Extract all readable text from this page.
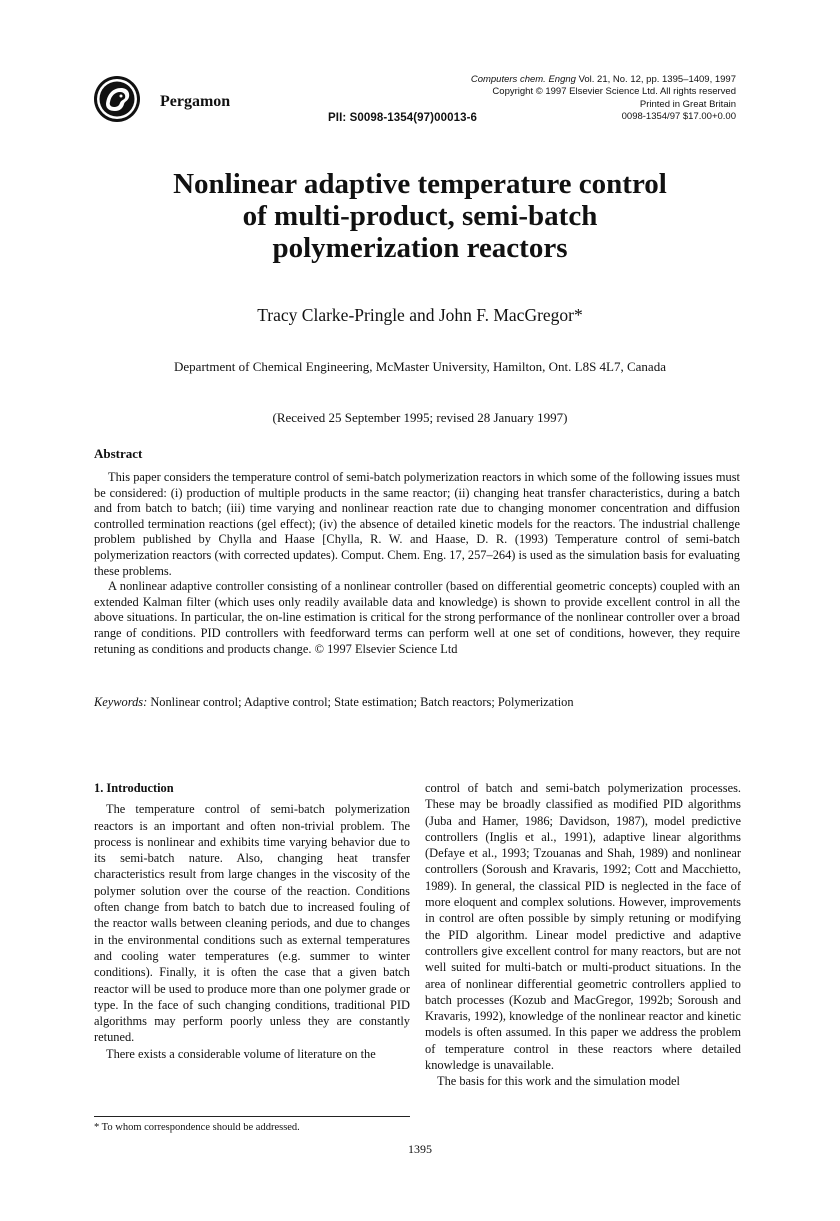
Pergamon
PII: S0098-1354(97)00013-6
Computers chem. Engng Vol. 21, No. 12, pp. 1395–1409, 1997
Copyright © 1997 Elsevier Science Ltd. All rights reserved
Printed in Great Britain
0098-1354/97 $17.00+0.00
Nonlinear adaptive temperature control
of multi-product, semi-batch
polymerization reactors
Tracy Clarke-Pringle and John F. MacGregor*
Department of Chemical Engineering, McMaster University, Hamilton, Ont. L8S 4L7, Canada
(Received 25 September 1995; revised 28 January 1997)
Abstract

This paper considers the temperature control of semi-batch polymerization reactors in which some of the following issues must be considered: (i) production of multiple products in the same reactor; (ii) changing heat transfer characteristics, during a batch and from batch to batch; (iii) time varying and nonlinear reaction rate due to changing monomer concentration and diffusion controlled termination reactions (gel effect); (iv) the absence of detailed kinetic models for the reactors. The industrial challenge problem published by Chylla and Haase [Chylla, R. W. and Haase, D. R. (1993) Temperature control of semi-batch polymerization reactors (with corrected updates). Comput. Chem. Eng. 17, 257–264) is used as the simulation basis for evaluating these problems.

A nonlinear adaptive controller consisting of a nonlinear controller (based on differential geometric concepts) coupled with an extended Kalman filter (which uses only readily available data and knowledge) is shown to provide excellent control in all the above situations. In particular, the on-line estimation is critical for the strong performance of the nonlinear controller over a broad range of conditions. PID controllers with feedforward terms can perform well at one set of conditions, however, they require retuning as conditions and products change. © 1997 Elsevier Science Ltd

Keywords: Nonlinear control; Adaptive control; State estimation; Batch reactors; Polymerization
1. Introduction

The temperature control of semi-batch polymerization reactors is an important and often non-trivial problem. The process is nonlinear and exhibits time varying behavior due to its semi-batch nature. Also, changing heat transfer characteristics result from large changes in the viscosity of the polymer solution over the course of the reaction. Conditions often change from batch to batch due to increased fouling of the reactor walls between cleaning periods, and due to changes in the environmental conditions such as external temperatures and cooling water temperatures (e.g. summer to winter conditions). Finally, it is often the case that a given batch reactor will be used to produce more than one polymer grade or type. In the face of such changing conditions, traditional PID algorithms may perform poorly unless they are constantly retuned.

There exists a considerable volume of literature on the

control of batch and semi-batch polymerization processes. These may be broadly classified as modified PID algorithms (Juba and Hamer, 1986; Davidson, 1987), model predictive controllers (Inglis et al., 1991), adaptive linear algorithms (Defaye et al., 1993; Tzouanas and Shah, 1989) and nonlinear controllers (Soroush and Kravaris, 1992; Cott and Macchietto, 1989). In general, the classical PID is neglected in the face of more eloquent and complex solutions. However, improvements in control are often possible by simply retuning or modifying the PID algorithm. Linear model predictive and adaptive controllers give excellent control for many reactors, but are not well suited for multi-batch or multi-product situations. In the area of nonlinear differential geometric controllers applied to batch processes (Kozub and MacGregor, 1992b; Soroush and Kravaris, 1992), knowledge of the nonlinear reactor and kinetic models is often assumed. In this paper we address the problem of temperature control in these reactors where detailed knowledge is unavailable.

The basis for this work and the simulation model

* To whom correspondence should be addressed.
1395
